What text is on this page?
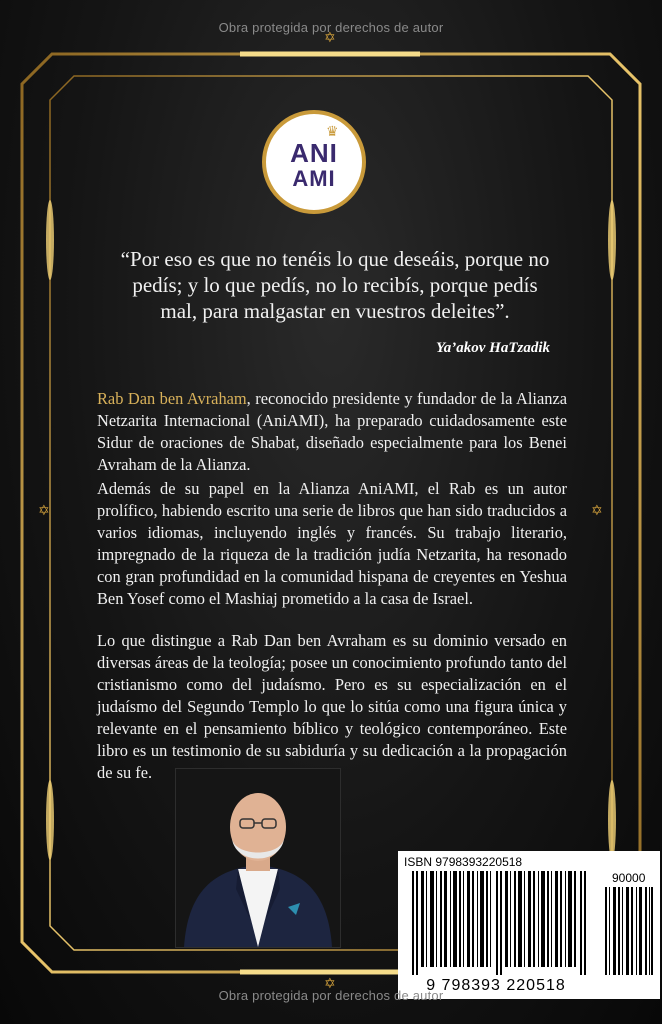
✡	✡
✡
✡
Obra protegida por derechos de autor
♛
ANI
AMI
“Por eso es que no tenéis lo que deseáis, porque no pedís; y lo que pedís, no lo recibís, porque pedís mal, para malgastar en vuestros deleites”.
Ya’akov HaTzadik
Rab Dan ben Avraham, reconocido presidente y fundador de la Alianza Netzarita Internacional (AniAMI), ha preparado cuidadosamente este Sidur de oraciones de Shabat, diseñado especialmente para los Benei Avraham de la Alianza.
Además de su papel en la Alianza AniAMI, el Rab es un autor prolífico, habiendo escrito una serie de libros que han sido traducidos a varios idiomas, incluyendo inglés y francés. Su trabajo literario, impregnado de la riqueza de la tradición judía Netzarita, ha resonado con gran profundidad en la comunidad hispana de creyentes en Yeshua Ben Yosef como el Mashiaj prometido a la casa de Israel.
Lo que distingue a Rab Dan ben Avraham es su dominio versado en diversas áreas de la teología; posee un conocimiento profundo tanto del cristianismo como del judaísmo. Pero es su especialización en el judaísmo del Segundo Templo lo que lo sitúa como una figura única y relevante en el pensamiento bíblico y teológico contemporáneo. Este libro es un testimonio de su sabiduría y su dedicación a la propagación de su fe.
ISBN 9798393220518
90000
9 798393 220518
Obra protegida por derechos de autor
